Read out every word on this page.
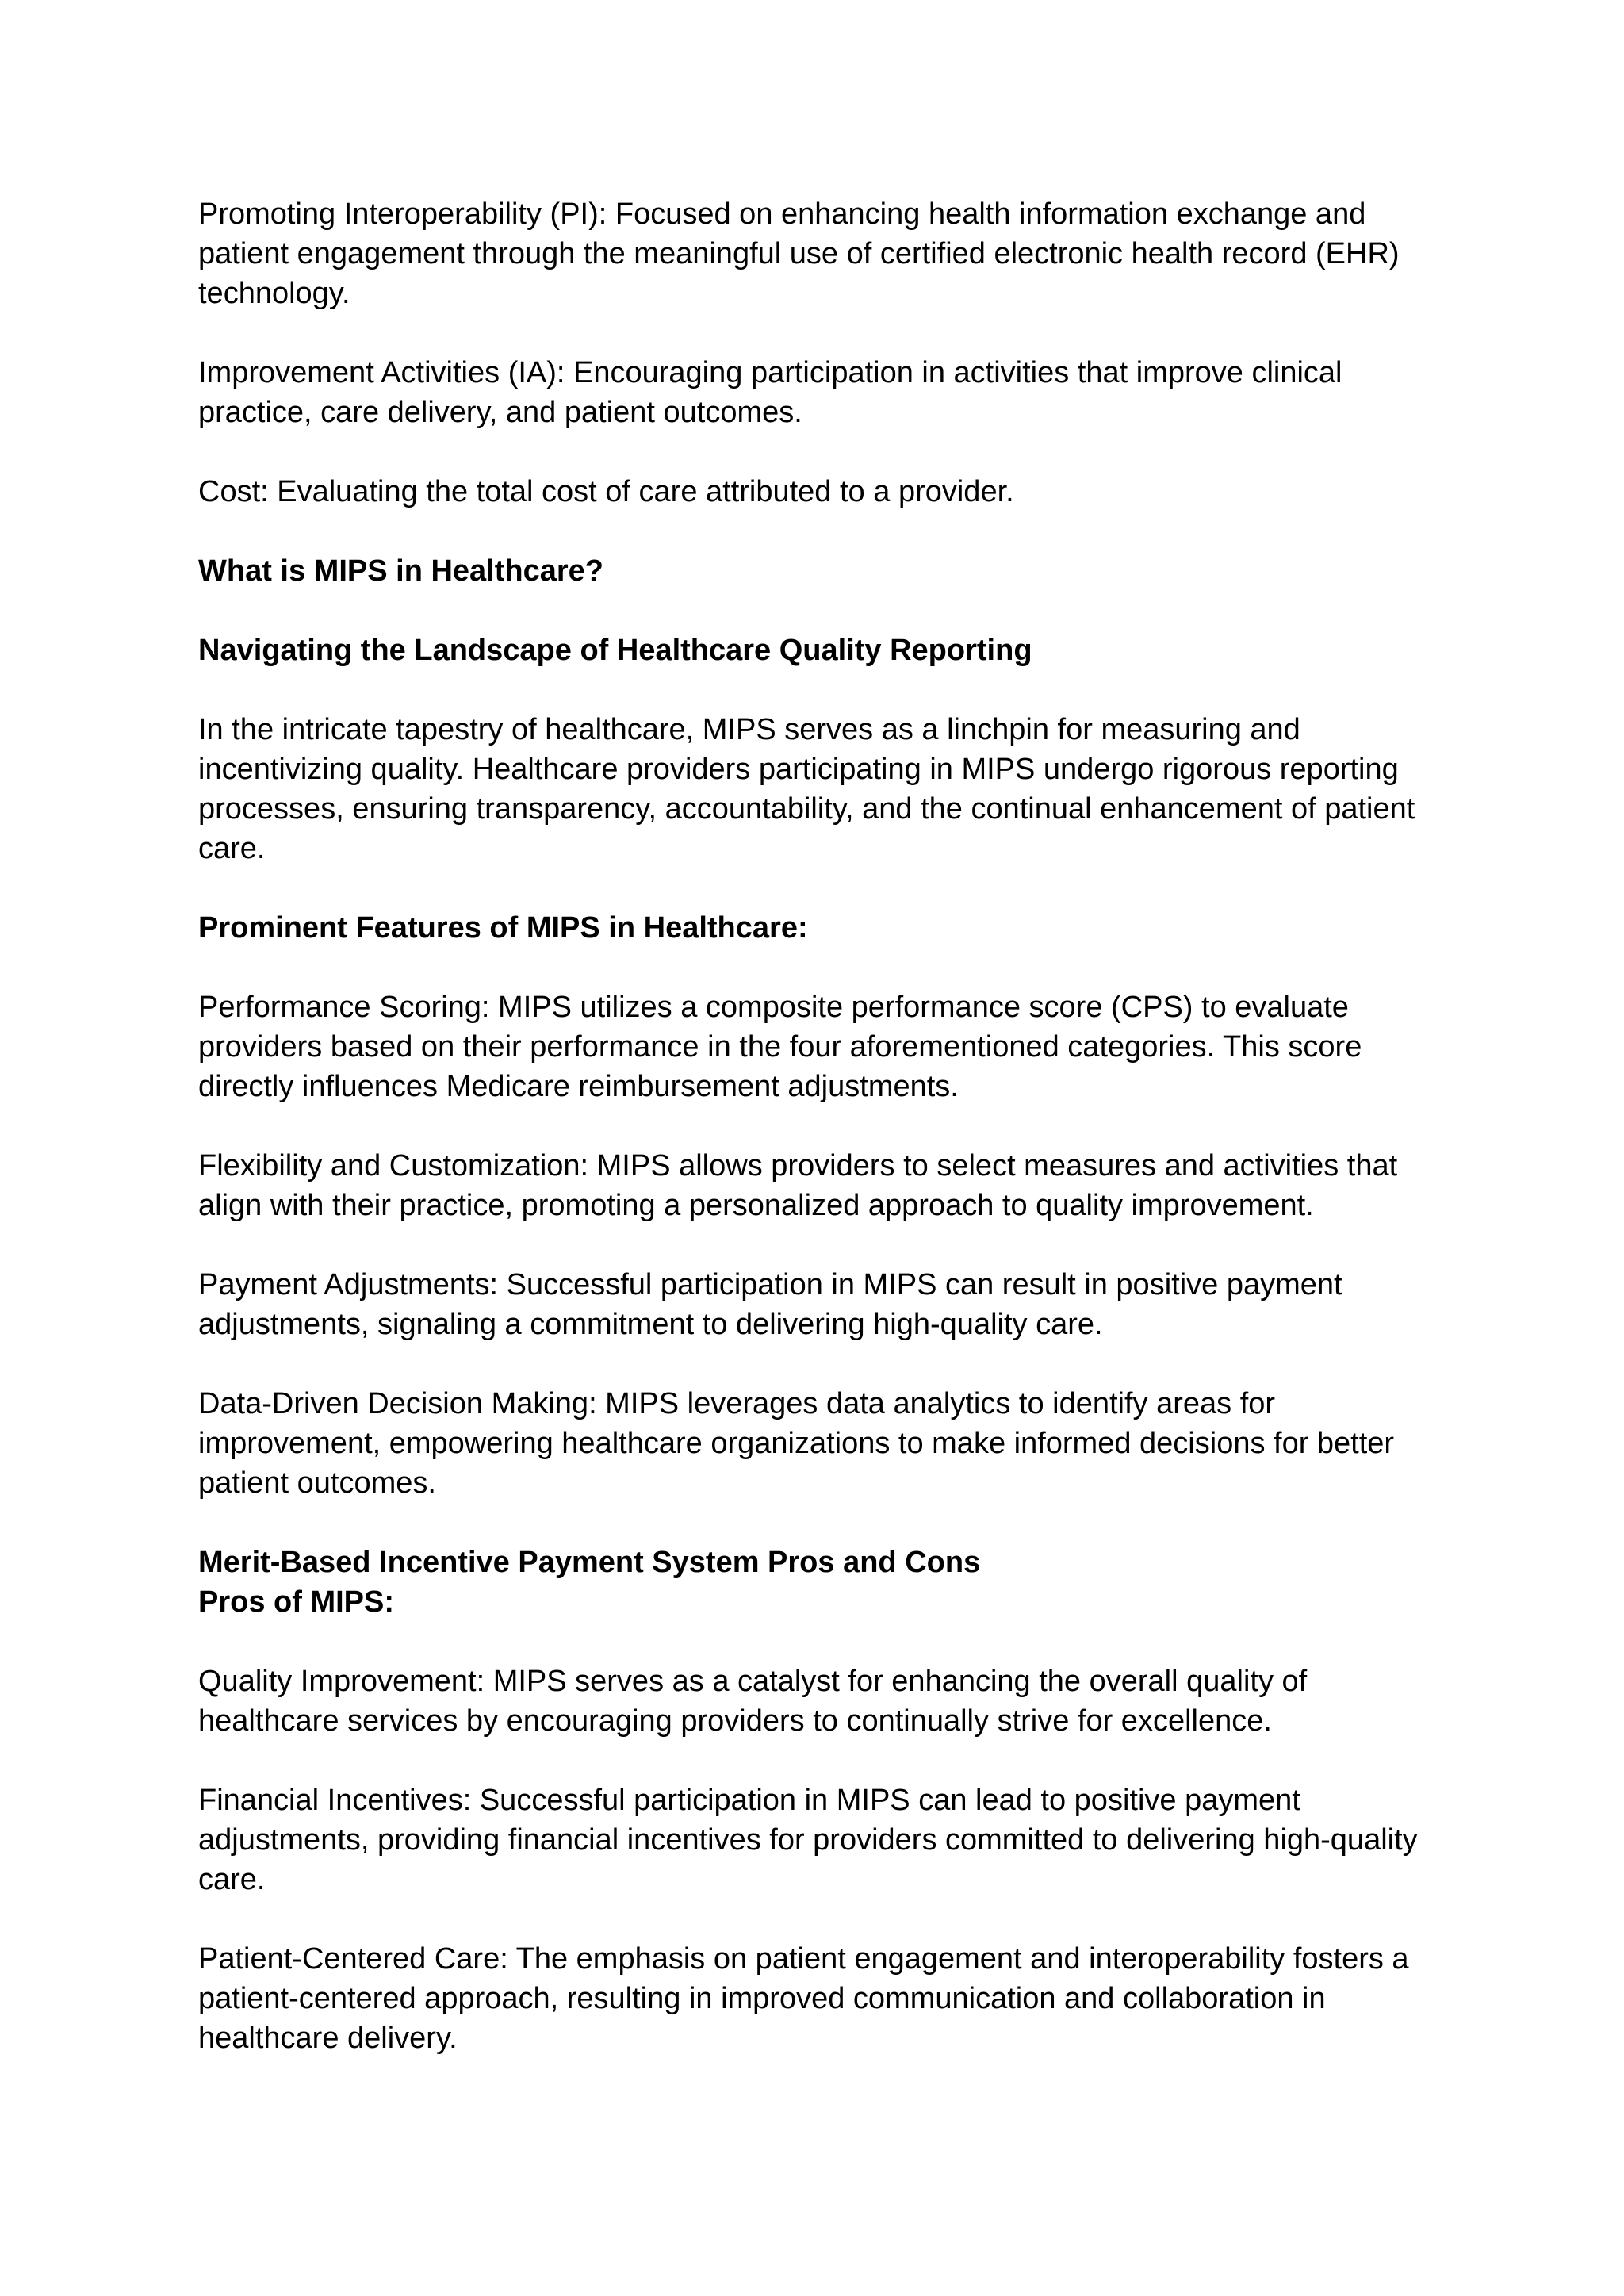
Promoting Interoperability (PI): Focused on enhancing health information exchange and patient engagement through the meaningful use of certified electronic health record (EHR) technology.

Improvement Activities (IA): Encouraging participation in activities that improve clinical practice, care delivery, and patient outcomes.

Cost: Evaluating the total cost of care attributed to a provider.

What is MIPS in Healthcare?

Navigating the Landscape of Healthcare Quality Reporting

In the intricate tapestry of healthcare, MIPS serves as a linchpin for measuring and incentivizing quality. Healthcare providers participating in MIPS undergo rigorous reporting processes, ensuring transparency, accountability, and the continual enhancement of patient care.

Prominent Features of MIPS in Healthcare:

Performance Scoring: MIPS utilizes a composite performance score (CPS) to evaluate providers based on their performance in the four aforementioned categories. This score directly influences Medicare reimbursement adjustments.

Flexibility and Customization: MIPS allows providers to select measures and activities that align with their practice, promoting a personalized approach to quality improvement.

Payment Adjustments: Successful participation in MIPS can result in positive payment adjustments, signaling a commitment to delivering high-quality care.

Data-Driven Decision Making: MIPS leverages data analytics to identify areas for improvement, empowering healthcare organizations to make informed decisions for better patient outcomes.

Merit-Based Incentive Payment System Pros and Cons

Pros of MIPS:

Quality Improvement: MIPS serves as a catalyst for enhancing the overall quality of healthcare services by encouraging providers to continually strive for excellence.

Financial Incentives: Successful participation in MIPS can lead to positive payment adjustments, providing financial incentives for providers committed to delivering high-quality care.

Patient-Centered Care: The emphasis on patient engagement and interoperability fosters a patient-centered approach, resulting in improved communication and collaboration in healthcare delivery.
